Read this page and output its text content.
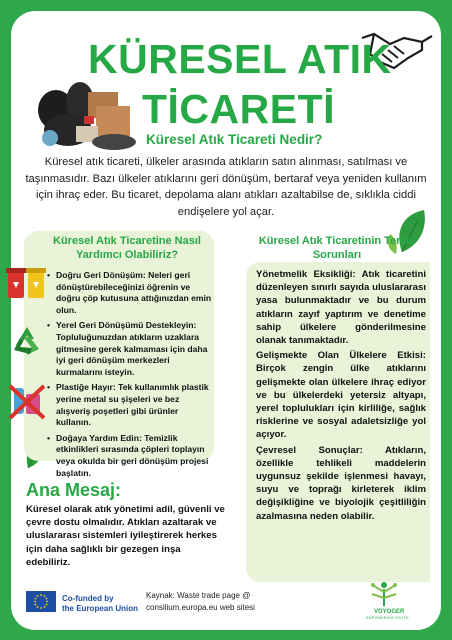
KÜRESEL ATIK
TİCARETİ
Küresel Atık Ticareti Nedir?
Küresel atık ticareti, ülkeler arasında atıkların satın alınması, satılması ve taşınmasıdır. Bazı ülkeler atıklarını geri dönüşüm, bertaraf veya yeniden kullanım için ihraç eder. Bu ticaret, depolama alanı atıkları azaltabilse de, sıklıkla ciddi endişelere yol açar.
Küresel Atık Ticaretine Nasıl Yardımcı Olabiliriz?
• Doğru Geri Dönüşüm: Neleri geri dönüştürebileceğinizi öğrenin ve doğru çöp kutusuna attığınızdan emin olun.
• Yerel Geri Dönüşümü Destekleyin: Topluluğunuzdan atıkların uzaklara gitmesine gerek kalmaması için daha iyi geri dönüşüm merkezleri kurmalarını isteyin.
• Plastiğe Hayır: Tek kullanımlık plastik yerine metal su şişeleri ve bez alışveriş poşetleri gibi ürünler kullanın.
• Doğaya Yardım Edin: Temizlik etkinlikleri sırasında çöpleri toplayın veya okulda bir geri dönüşüm projesi başlatın.
Küresel Atık Ticaretinin Temel Sorunları

Yönetmelik Eksikliği: Atık ticaretini düzenleyen sınırlı sayıda uluslararası yasa bulunmaktadır ve bu durum atıkların zayıf yaptırım ve denetime sahip ülkelere gönderilmesine olanak tanımaktadır.

Gelişmekte Olan Ülkelere Etkisi: Birçok zengin ülke atıklarını gelişmekte olan ülkelere ihraç ediyor ve bu ülkelerdeki yetersiz altyapı, yerel toplulukları için kirliliğe, sağlık risklerine ve sosyal adaletsizliğe yol açıyor.

Çevresel Sonuçlar: Atıkların, özellikle tehlikeli maddelerin uygunsuz şekilde işlenmesi havayı, suyu ve toprağı kirleterek iklim değişikliğine ve biyolojik çeşitliliğin azalmasına neden olabilir.

Ana Mesaj:
Küresel olarak atık yönetimi adil, güvenli ve çevre dostu olmalıdır. Atıkları azaltarak ve uluslararası sistemleri iyileştirerek herkes için daha sağlıklı bir gezegen inşa edebiliriz.
Co-funded by
the European Union
Kaynak: Waste trade page @
consilium.europa.eu web sitesi	VOYOGER
EMPOWERING YOUTH
